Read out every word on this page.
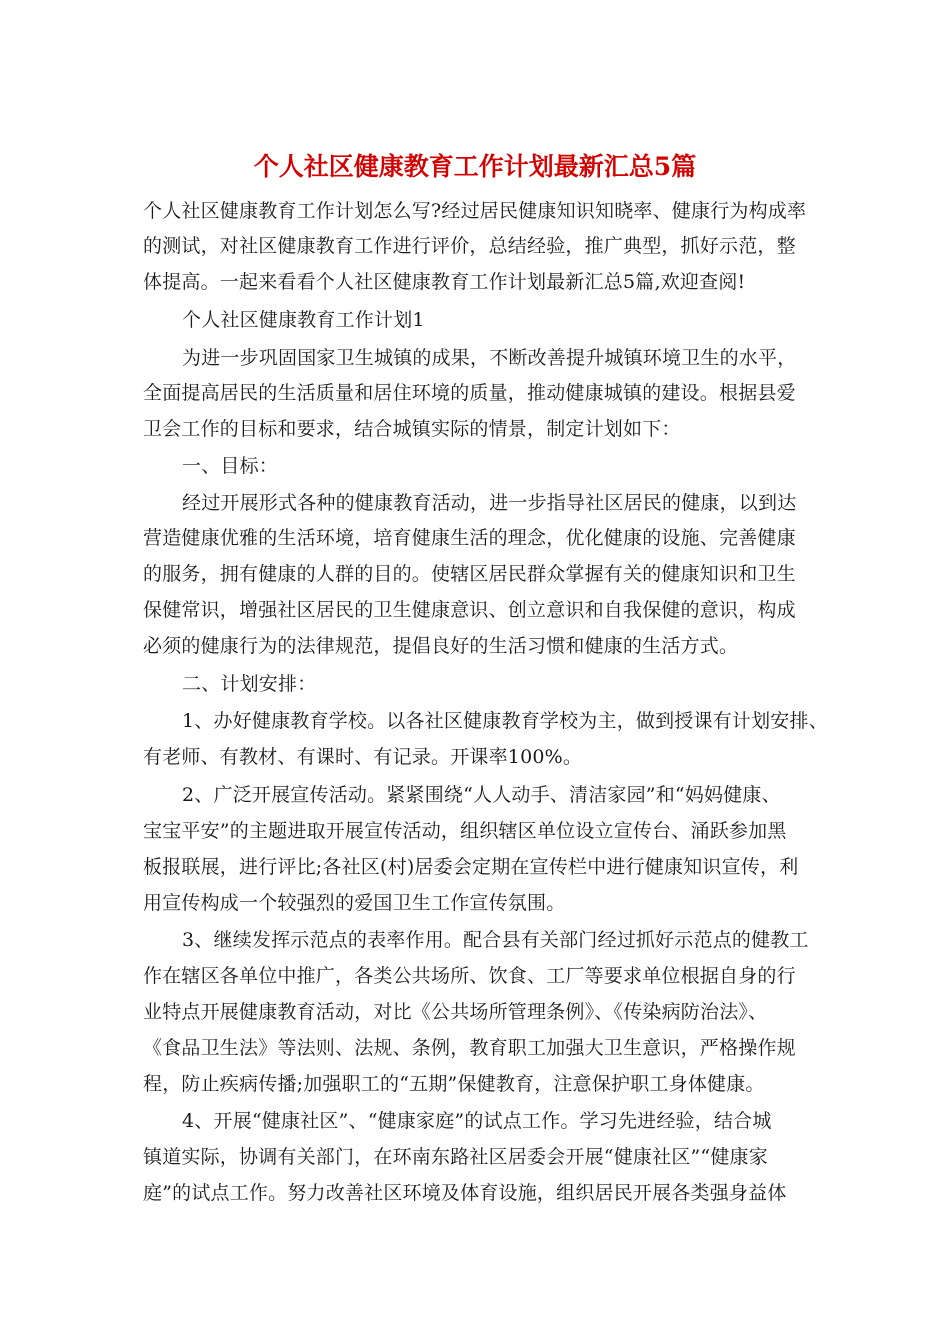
个人社区健康教育工作计划最新汇总5篇
个人社区健康教育工作计划怎么写?经过居民健康知识知晓率、健康行为构成率
的测试，对社区健康教育工作进行评价，总结经验，推广典型，抓好示范，整
体提高。一起来看看个人社区健康教育工作计划最新汇总5篇,欢迎查阅!
个人社区健康教育工作计划1
为进一步巩固国家卫生城镇的成果，不断改善提升城镇环境卫生的水平，
全面提高居民的生活质量和居住环境的质量，推动健康城镇的建设。根据县爱
卫会工作的目标和要求，结合城镇实际的情景，制定计划如下：
一、目标：
经过开展形式各种的健康教育活动，进一步指导社区居民的健康，以到达
营造健康优雅的生活环境，培育健康生活的理念，优化健康的设施、完善健康
的服务，拥有健康的人群的目的。使辖区居民群众掌握有关的健康知识和卫生
保健常识，增强社区居民的卫生健康意识、创立意识和自我保健的意识，构成
必须的健康行为的法律规范，提倡良好的生活习惯和健康的生活方式。
二、计划安排：
1、办好健康教育学校。以各社区健康教育学校为主，做到授课有计划安排、
有老师、有教材、有课时、有记录。开课率100%。
2、广泛开展宣传活动。紧紧围绕“人人动手、清洁家园”和“妈妈健康、
宝宝平安”的主题进取开展宣传活动，组织辖区单位设立宣传台、涌跃参加黑
板报联展，进行评比;各社区(村)居委会定期在宣传栏中进行健康知识宣传，利
用宣传构成一个较强烈的爱国卫生工作宣传氛围。
3、继续发挥示范点的表率作用。配合县有关部门经过抓好示范点的健教工
作在辖区各单位中推广，各类公共场所、饮食、工厂等要求单位根据自身的行
业特点开展健康教育活动，对比《公共场所管理条例》、《传染病防治法》、
《食品卫生法》等法则、法规、条例，教育职工加强大卫生意识，严格操作规
程，防止疾病传播;加强职工的“五期”保健教育，注意保护职工身体健康。
4、开展“健康社区”、“健康家庭”的试点工作。学习先进经验，结合城
镇道实际，协调有关部门，在环南东路社区居委会开展“健康社区”“健康家
庭”的试点工作。努力改善社区环境及体育设施，组织居民开展各类强身益体
